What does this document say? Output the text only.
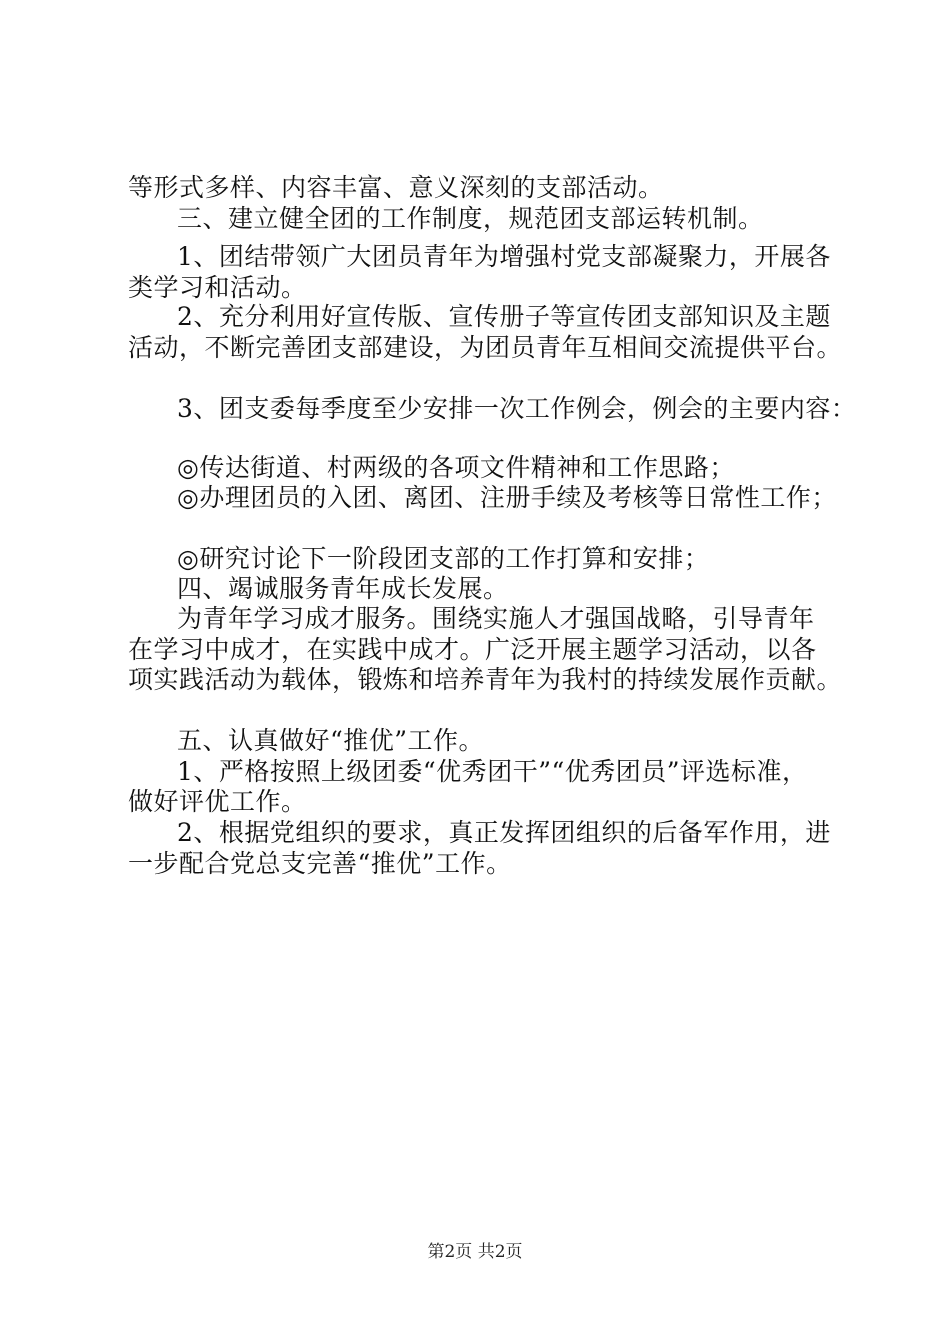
等形式多样、内容丰富、意义深刻的支部活动。
三、建立健全团的工作制度，规范团支部运转机制。
1、团结带领广大团员青年为增强村党支部凝聚力，开展各
类学习和活动。
2、充分利用好宣传版、宣传册子等宣传团支部知识及主题
活动，不断完善团支部建设，为团员青年互相间交流提供平台。
3、团支委每季度至少安排一次工作例会，例会的主要内容：
◎传达街道、村两级的各项文件精神和工作思路；
◎办理团员的入团、离团、注册手续及考核等日常性工作；
◎研究讨论下一阶段团支部的工作打算和安排；
四、竭诚服务青年成长发展。
为青年学习成才服务。围绕实施人才强国战略，引导青年
在学习中成才，在实践中成才。广泛开展主题学习活动，以各
项实践活动为载体，锻炼和培养青年为我村的持续发展作贡献。
五、认真做好“推优”工作。
1、严格按照上级团委“优秀团干”“优秀团员”评选标准，
做好评优工作。
2、根据党组织的要求，真正发挥团组织的后备军作用，进
一步配合党总支完善“推优”工作。
第2页 共2页
